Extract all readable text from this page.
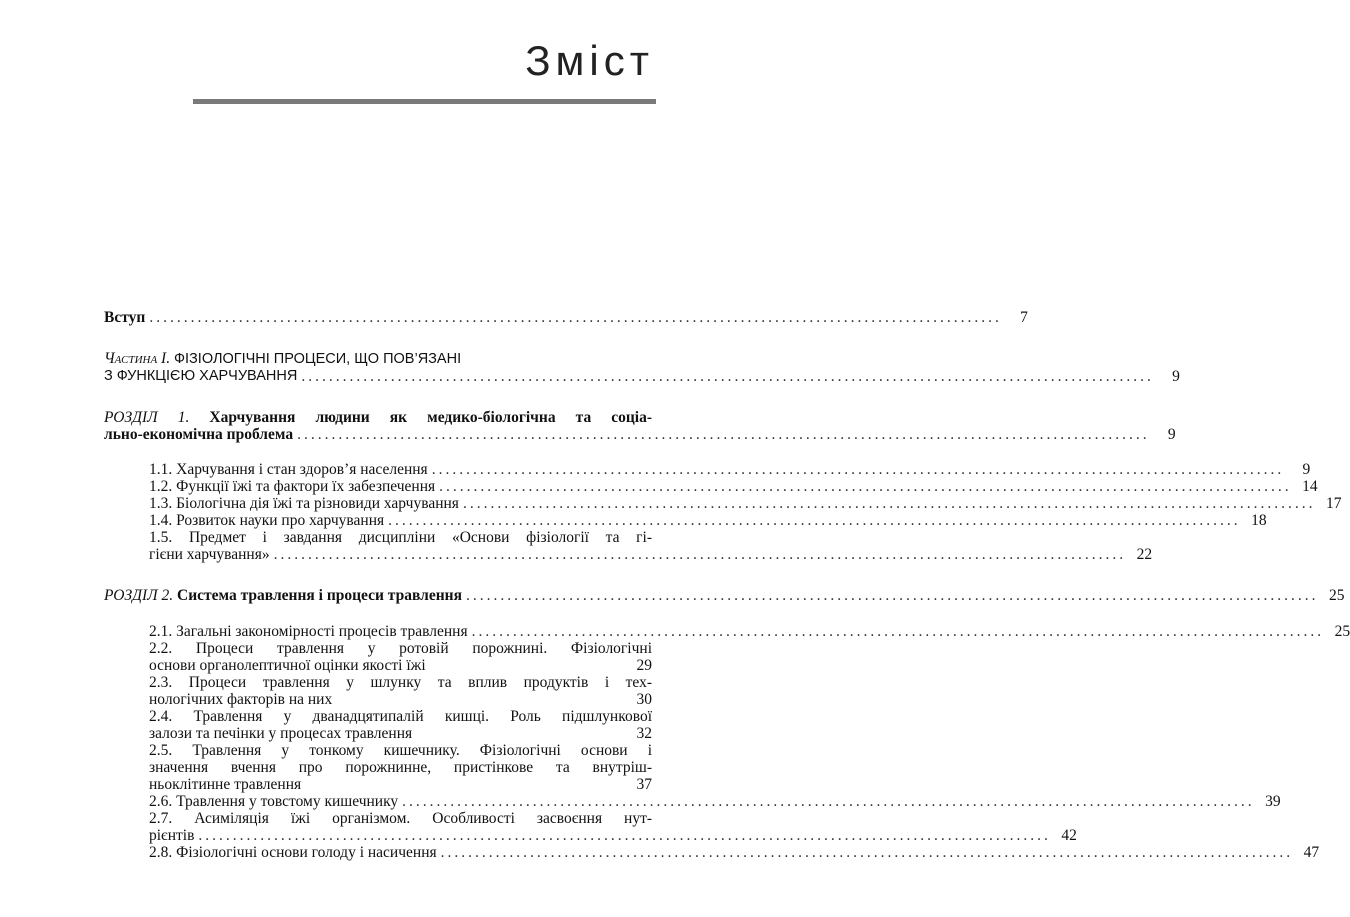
Зміст
Вступ ............................................................................................................................	7
Частина I. ФІЗІОЛОГІЧНІ ПРОЦЕСИ, ЩО ПОВ’ЯЗАНІ
З ФУНКЦІЄЮ ХАРЧУВАННЯ ............................................................................................................................	9
РОЗДІЛ 1. Харчування людини як медико-біологічна та соціа-
льно-економічна проблема ............................................................................................................................	9
1.1. Харчування і стан здоров’я населення ............................................................................................................................	9
1.2. Функції їжі та фактори їх забезпечення ............................................................................................................................ 14
1.3. Біологічна дія їжі та різновиди харчування ............................................................................................................................ 17
1.4. Розвиток науки про харчування ............................................................................................................................ 18
1.5. Предмет і завдання дисципліни «Основи фізіології та гі-
гієни харчування» ............................................................................................................................ 22
РОЗДІЛ 2. Система травлення і процеси травлення ............................................................................................................................ 25
2.1. Загальні закономірності процесів травлення ............................................................................................................................ 25
2.2. Процеси травлення у ротовій порожнині. Фізіологічні
основи органолептичної оцінки якості їжі	29
2.3. Процеси травлення у шлунку та вплив продуктів і тех-
нологічних факторів на них	30
2.4. Травлення у дванадцятипалій кишці. Роль підшлункової
залози та печінки у процесах травлення	32
2.5. Травлення у тонкому кишечнику. Фізіологічні основи і
значення вчення про порожнинне, пристінкове та внутріш-
ньоклітинне травлення	37
2.6. Травлення у товстому кишечнику ............................................................................................................................ 39
2.7. Асиміляція їжі організмом. Особливості засвоєння нут-
рієнтів ............................................................................................................................ 42
2.8. Фізіологічні основи голоду і насичення ............................................................................................................................ 47
